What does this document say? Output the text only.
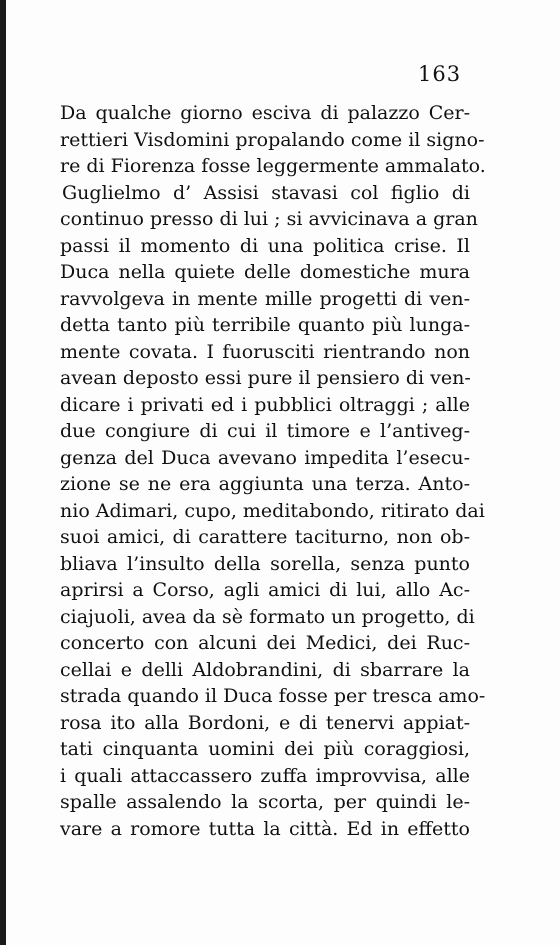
163
Da qualche giorno esciva di palazzo Cer-
rettieri Visdomini propalando come il signo-
re di Fiorenza fosse leggermente ammalato.
Guglielmo d’ Assisi stavasi col figlio di
continuo presso di lui ; si avvicinava a gran
passi il momento di una politica crise. Il
Duca nella quiete delle domestiche mura
ravvolgeva in mente mille progetti di ven-
detta tanto più terribile quanto più lunga-
mente covata. I fuorusciti rientrando non
avean deposto essi pure il pensiero di ven-
dicare i privati ed i pubblici oltraggi ; alle
due congiure di cui il timore e l’antiveg-
genza del Duca avevano impedita l’esecu-
zione se ne era aggiunta una terza. Anto-
nio Adimari, cupo, meditabondo, ritirato dai
suoi amici, di carattere taciturno, non ob-
bliava l’insulto della sorella, senza punto
aprirsi a Corso, agli amici di lui, allo Ac-
ciajuoli, avea da sè formato un progetto, di
concerto con alcuni dei Medici, dei Ruc-
cellai e delli Aldobrandini, di sbarrare la
strada quando il Duca fosse per tresca amo-
rosa ito alla Bordoni, e di tenervi appiat-
tati cinquanta uomini dei più coraggiosi,
i quali attaccassero zuffa improvvisa, alle
spalle assalendo la scorta, per quindi le-
vare a romore tutta la città. Ed in effetto
